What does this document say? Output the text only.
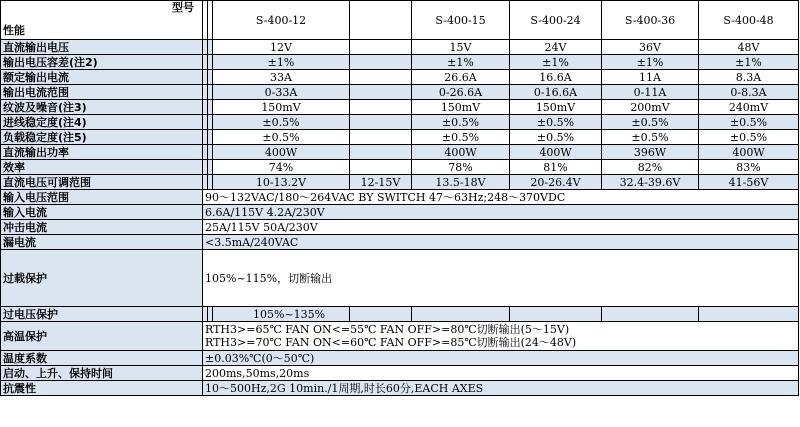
型号
性能			S-400-12		S-400-15	S-400-24	S-400-36	S-400-48
直流输出电压			12V		15V	24V	36V	48V
输出电压容差(注2)			±1%		±1%	±1%	±1%	±1%
额定输出电流			33A		26.6A	16.6A	11A	8.3A
输出电流范围			0-33A		0-26.6A	0-16.6A	0-11A	0-8.3A
纹波及噪音(注3)			150mV		150mV	150mV	200mV	240mV
进线稳定度(注4)			±0.5%		±0.5%	±0.5%	±0.5%	±0.5%
负载稳定度(注5)			±0.5%		±0.5%	±0.5%	±0.5%	±0.5%
直流输出功率			400W		400W	400W	396W	400W
效率			74%		78%	81%	82%	83%
直流电压可调范围			10-13.2V	12-15V	13.5-18V	20-26.4V	32.4-39.6V	41-56V
输入电压范围	90～132VAC/180～264VAC BY SWITCH 47～63Hz;248～370VDC							
输入电流	6.6A/115V 4.2A/230V							
冲击电流	25A/115V 50A/230V							
漏电流	<3.5mA/240VAC							
过载保护	105%~115%，切断输出							
过电压保护			105%~135%					
高温保护	RTH3>=65℃ FAN ON<=55℃ FAN OFF>=80℃切断输出(5～15V)
RTH3>=70℃ FAN ON<=60℃ FAN OFF>=85℃切断输出(24～48V)							

温度系数	±0.03%℃(0～50℃)							
启动、上升、保持时间	200ms,50ms,20ms							
抗震性	10～500Hz,2G 10min./1周期,时长60分,EACH AXES							
